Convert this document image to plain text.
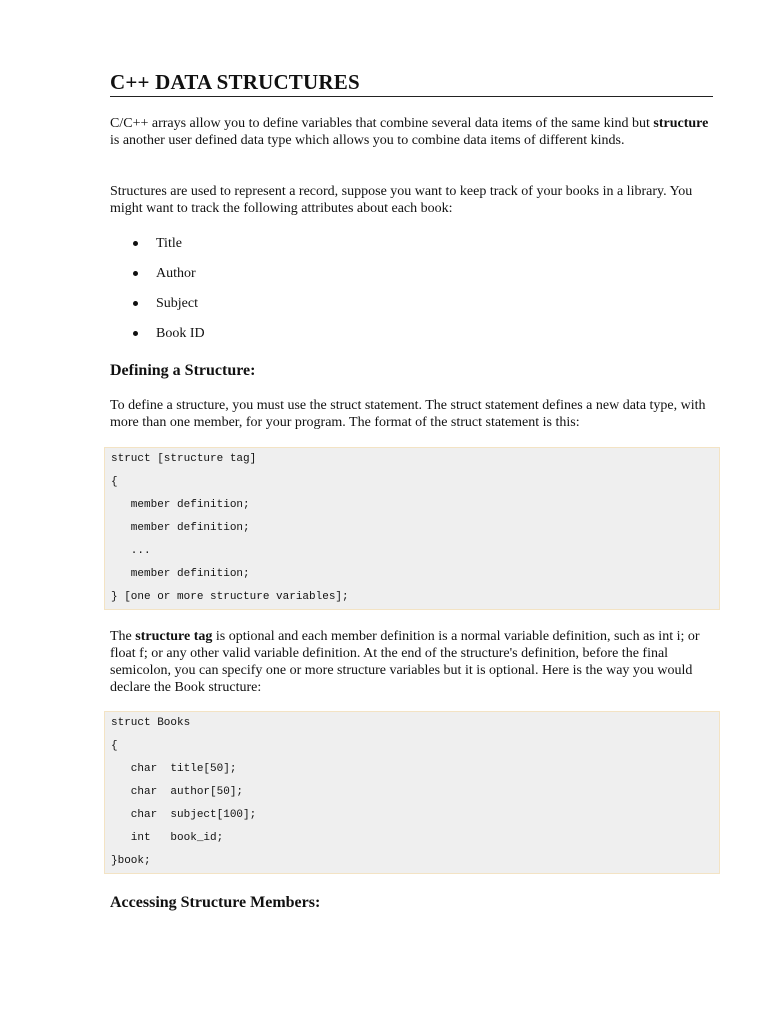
C++ DATA STRUCTURES

C/C++ arrays allow you to define variables that combine several data items of the same kind but structure is another user defined data type which allows you to combine data items of different kinds.

Structures are used to represent a record, suppose you want to keep track of your books in a library. You might want to track the following attributes about each book:

Title
Author
Subject
Book ID
Defining a Structure:

To define a structure, you must use the struct statement. The struct statement defines a new data type, with more than one member, for your program. The format of the struct statement is this:

struct [structure tag]
{
member definition;
member definition;
...
member definition;
} [one or more structure variables];

The structure tag is optional and each member definition is a normal variable definition, such as int i; or float f; or any other valid variable definition. At the end of the structure's definition, before the final semicolon, you can specify one or more structure variables but it is optional. Here is the way you would declare the Book structure:

struct Books
{
char  title[50];
char  author[50];
char  subject[100];
int   book_id;
}book;
Accessing Structure Members:
